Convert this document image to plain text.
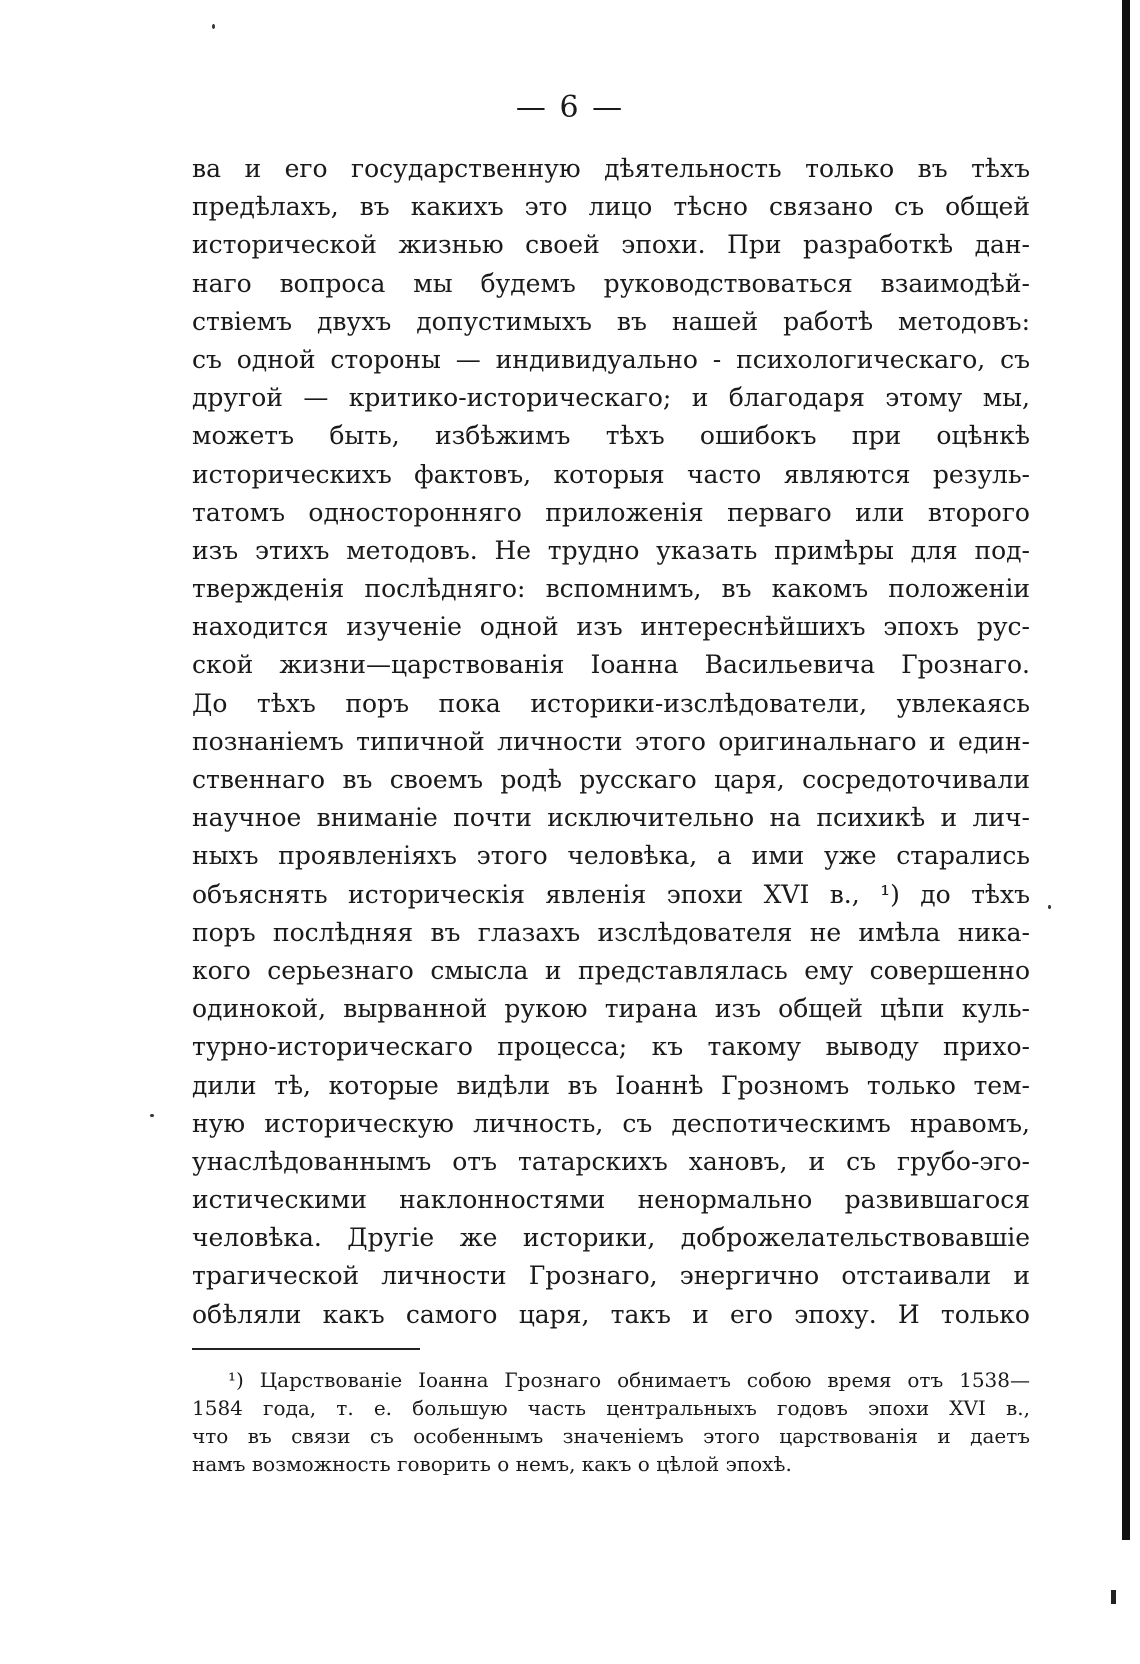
— 6 —
ва и его государственную дѣятельность только въ тѣхъ
предѣлахъ, въ какихъ это лицо тѣсно связано съ общей
исторической жизнью своей эпохи. При разработкѣ дан-
наго вопроса мы будемъ руководствоваться взаимодѣй-
ствіемъ двухъ допустимыхъ въ нашей работѣ методовъ:
съ одной стороны — индивидуально - психологическаго, съ
другой — критико-историческаго; и благодаря этому мы,
можетъ быть, избѣжимъ тѣхъ ошибокъ при оцѣнкѣ
историческихъ фактовъ, которыя часто являются резуль-
татомъ односторонняго приложенія перваго или второго
изъ этихъ методовъ. Не трудно указать примѣры для под-
твержденія послѣдняго: вспомнимъ, въ какомъ положеніи
находится изученіе одной изъ интереснѣйшихъ эпохъ рус-
ской жизни—царствованія Іоанна Васильевича Грознаго.
До тѣхъ поръ пока историки-изслѣдователи, увлекаясь
познаніемъ типичной личности этого оригинальнаго и един-
ственнаго въ своемъ родѣ русскаго царя, сосредоточивали
научное вниманіе почти исключительно на психикѣ и лич-
ныхъ проявленіяхъ этого человѣка, а ими уже старались
объяснять историческія явленія эпохи XVI в., ¹) до тѣхъ
поръ послѣдняя въ глазахъ изслѣдователя не имѣла ника-
кого серьезнаго смысла и представлялась ему совершенно
одинокой, вырванной рукою тирана изъ общей цѣпи куль-
турно-историческаго процесса; къ такому выводу прихо-
дили тѣ, которые видѣли въ Іоаннѣ Грозномъ только тем-
ную историческую личность, съ деспотическимъ нравомъ,
унаслѣдованнымъ отъ татарскихъ хановъ, и съ грубо-эго-
истическими наклонностями ненормально развившагося
человѣка. Другіе же историки, доброжелательствовавшіе
трагической личности Грознаго, энергично отстаивали и
обѣляли какъ самого царя, такъ и его эпоху. И только
¹) Царствованіе Іоанна Грознаго обнимаетъ собою время отъ 1538—
1584 года, т. е. большую часть центральныхъ годовъ эпохи XVI в.,
что въ связи съ особеннымъ значеніемъ этого царствованія и даетъ
намъ возможность говорить о немъ, какъ о цѣлой эпохѣ.
